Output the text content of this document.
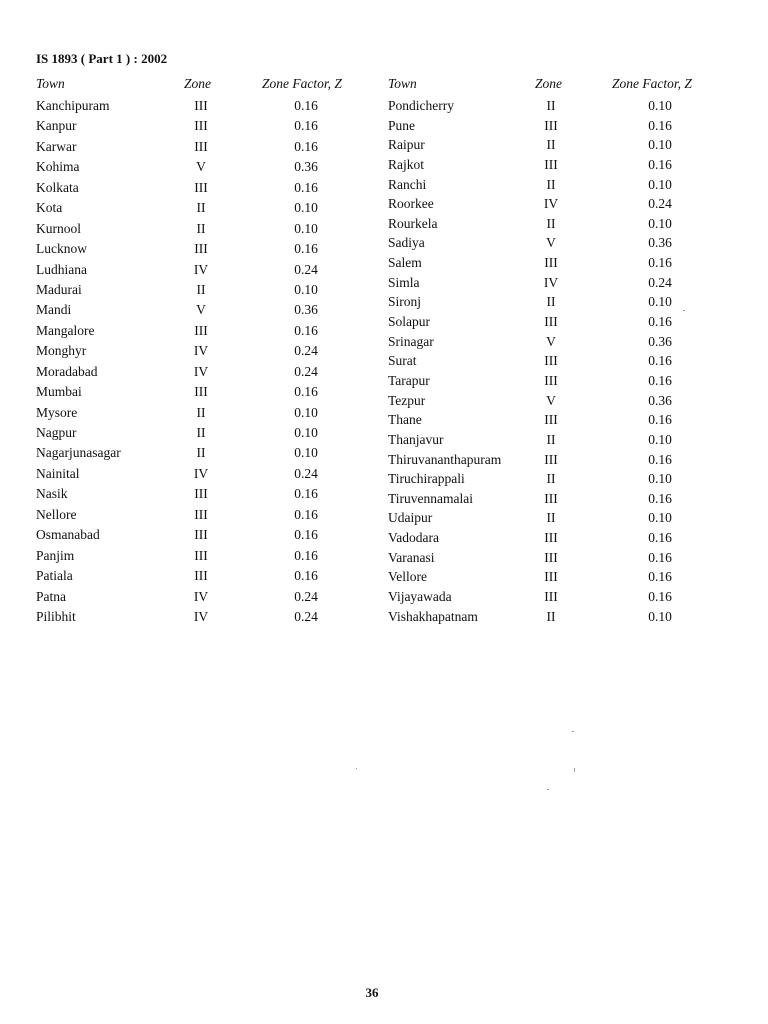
IS 1893 ( Part 1 ) : 2002
Town	Zone	Zone Factor, Z
Kanchipuram	III	0.16
Kanpur	III	0.16
Karwar	III	0.16
Kohima	V	0.36
Kolkata	III	0.16
Kota	II	0.10
Kurnool	II	0.10
Lucknow	III	0.16
Ludhiana	IV	0.24
Madurai	II	0.10
Mandi	V	0.36
Mangalore	III	0.16
Monghyr	IV	0.24
Moradabad	IV	0.24
Mumbai	III	0.16
Mysore	II	0.10
Nagpur	II	0.10
Nagarjunasagar	II	0.10
Nainital	IV	0.24
Nasik	III	0.16
Nellore	III	0.16
Osmanabad	III	0.16
Panjim	III	0.16
Patiala	III	0.16
Patna	IV	0.24
Pilibhit	IV	0.24
Town	Zone	Zone Factor, Z
Pondicherry	II	0.10
Pune	III	0.16
Raipur	II	0.10
Rajkot	III	0.16
Ranchi	II	0.10
Roorkee	IV	0.24
Rourkela	II	0.10
Sadiya	V	0.36
Salem	III	0.16
Simla	IV	0.24
Sironj	II	0.10
Solapur	III	0.16
Srinagar	V	0.36
Surat	III	0.16
Tarapur	III	0.16
Tezpur	V	0.36
Thane	III	0.16
Thanjavur	II	0.10
Thiruvananthapuram	III	0.16
Tiruchirappali	II	0.10
Tiruvennamalai	III	0.16
Udaipur	II	0.10
Vadodara	III	0.16
Varanasi	III	0.16
Vellore	III	0.16
Vijayawada	III	0.16
Vishakhapatnam	II	0.10
36
